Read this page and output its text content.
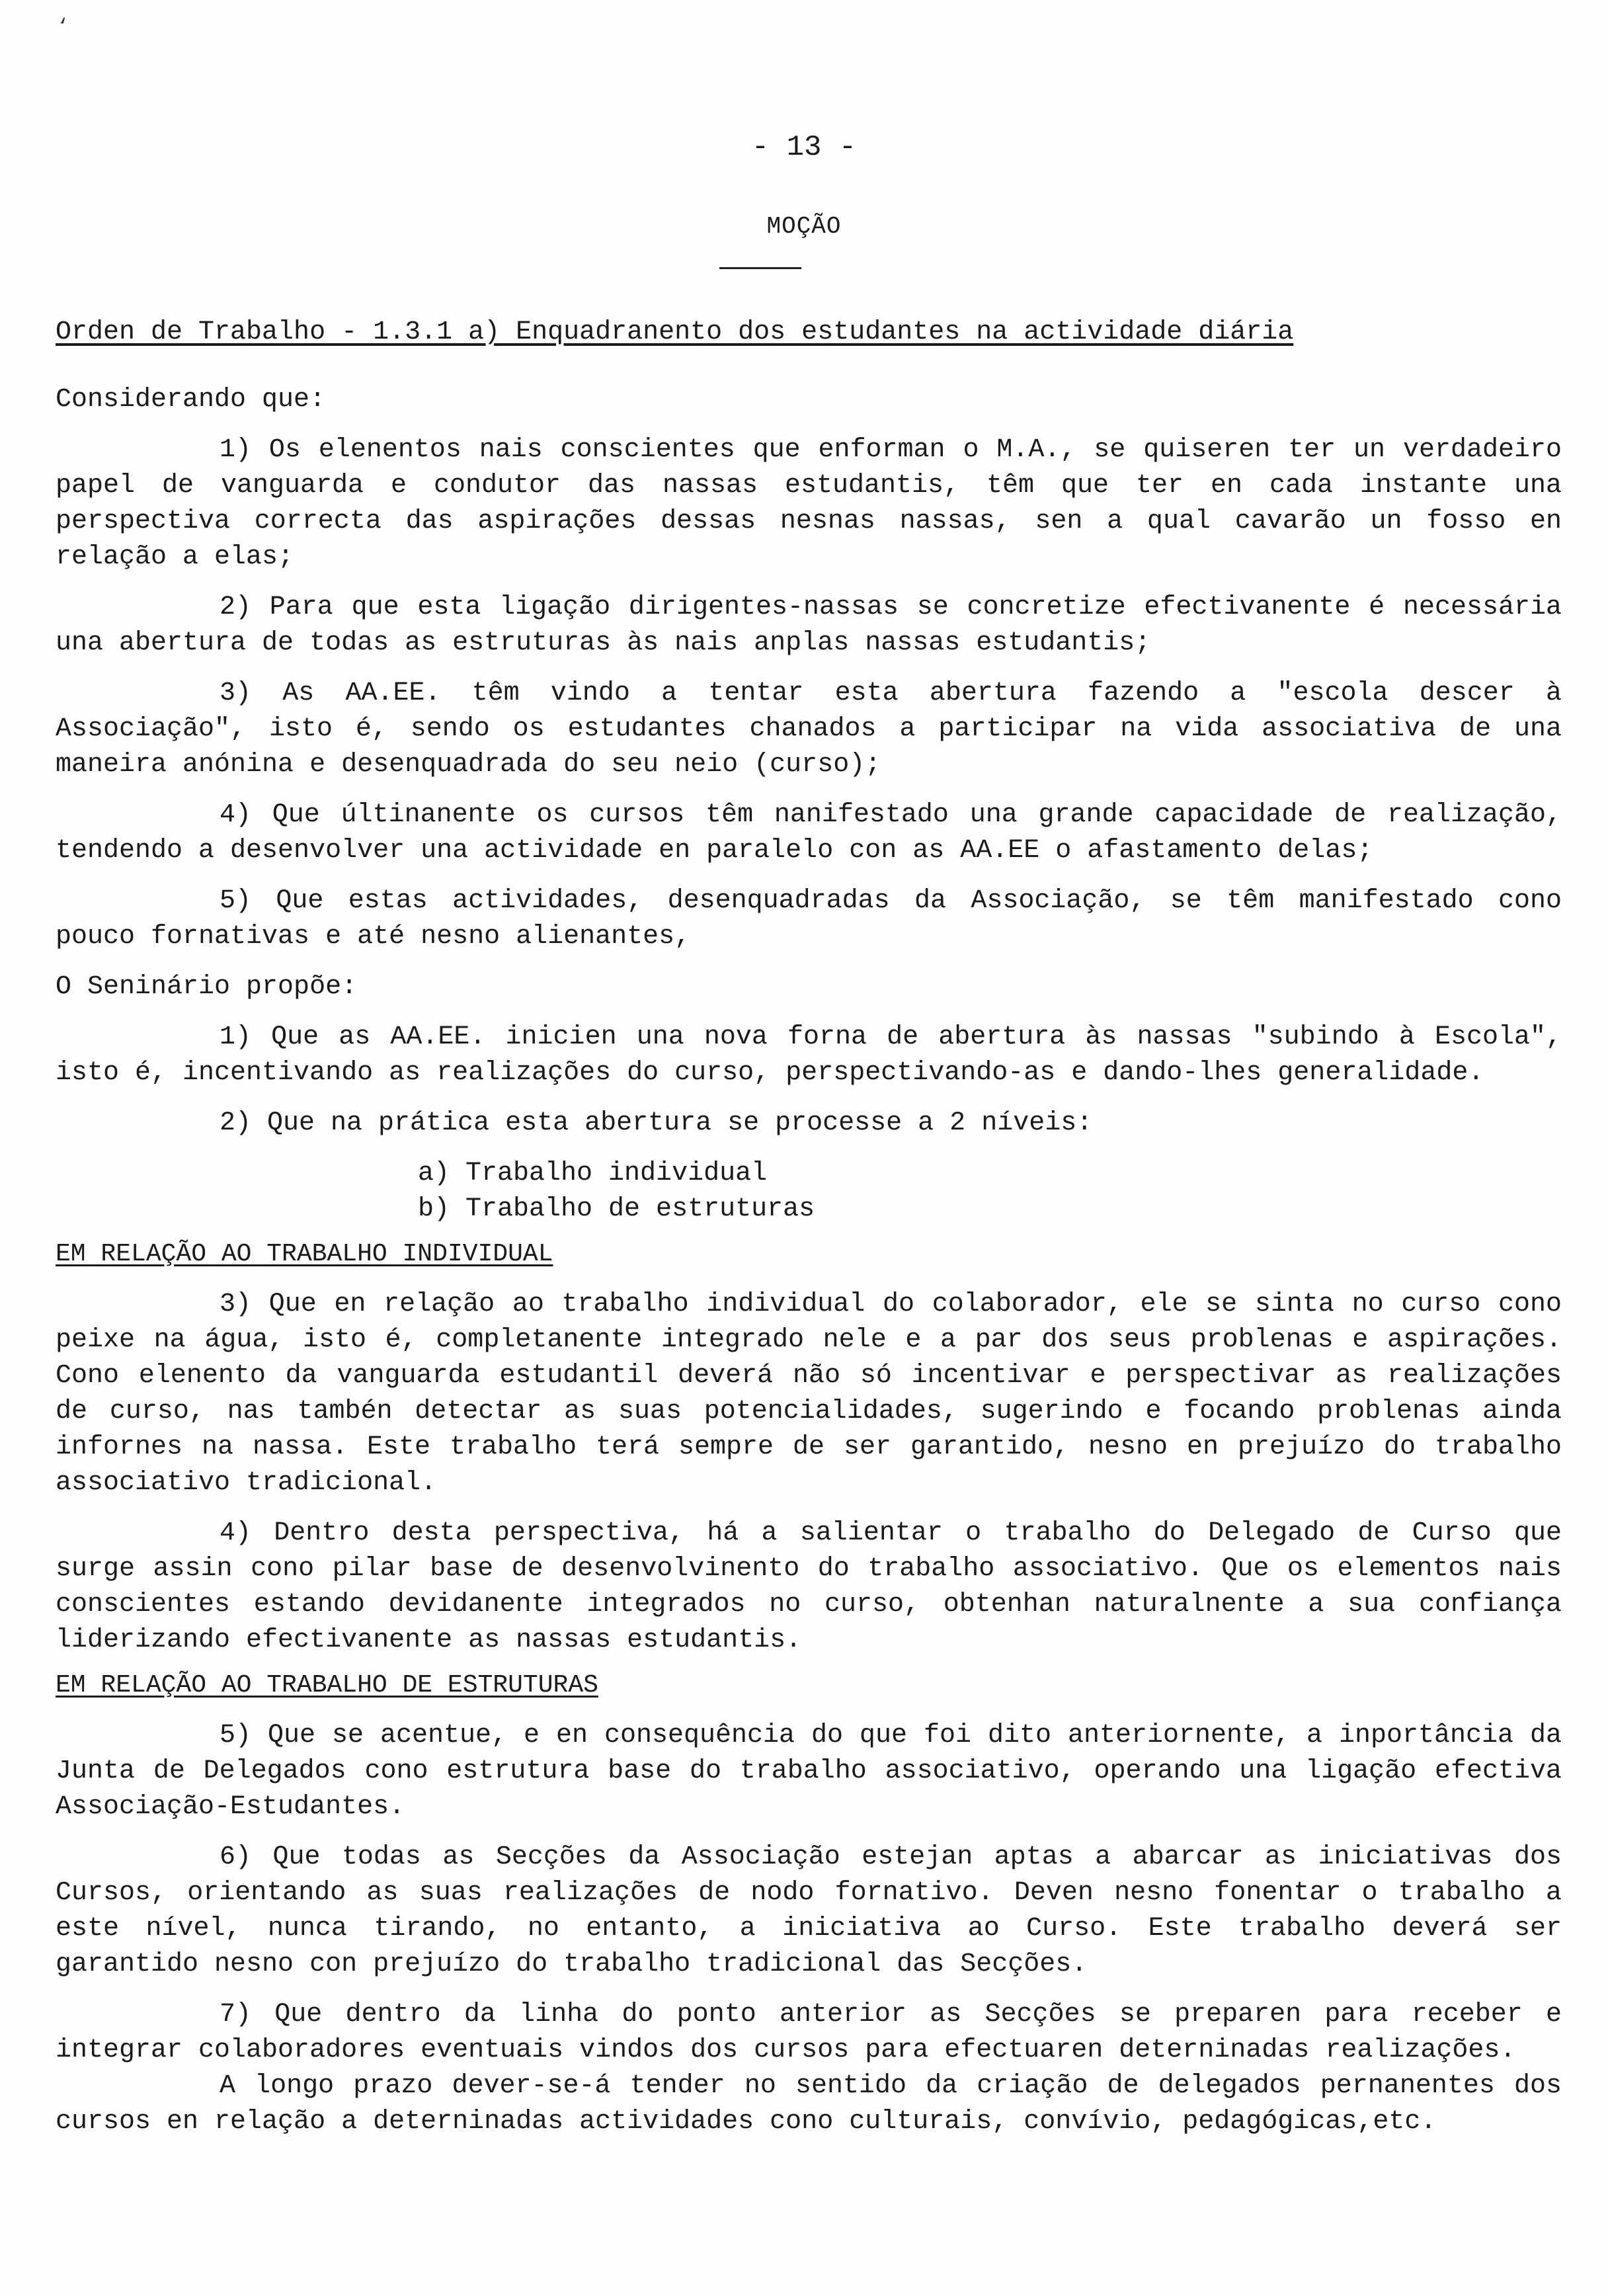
‘
- 13 -
MOÇÃO
Orden de Trabalho - 1.3.1 a) Enquadranento dos estudantes na actividade diária

Considerando que:

1) Os elenentos nais conscientes que enforman o M.A., se quiseren ter un verdadeiro papel de vanguarda e condutor das nassas estudantis, têm que ter en cada instante una perspectiva correcta das aspirações dessas nesnas nassas, sen a qual cavarão un fosso en relação a elas;

2) Para que esta ligação dirigentes-nassas se concretize efectivanente é necessária una abertura de todas as estruturas às nais anplas nassas estudantis;

3) As AA.EE. têm vindo a tentar esta abertura fazendo a "escola descer à Associação", isto é, sendo os estudantes chanados a participar na vida associativa de una maneira anónina e desenquadrada do seu neio (curso);

4) Que últinanente os cursos têm nanifestado una grande capacidade de realização, tendendo a desenvolver una actividade en paralelo con as AA.EE o afastamento delas;

5) Que estas actividades, desenquadradas da Associação, se têm manifestado cono pouco fornativas e até nesno alienantes,

O Seninário propõe:

1) Que as AA.EE. inicien una nova forna de abertura às nassas "subindo à Escola", isto é, incentivando as realizações do curso, perspectivando-as e dando-lhes generalidade.

2) Que na prática esta abertura se processe a 2 níveis:

a) Trabalho individual

b) Trabalho de estruturas

EM RELAÇÃO AO TRABALHO INDIVIDUAL

3) Que en relação ao trabalho individual do colaborador, ele se sinta no curso cono peixe na água, isto é, completanente integrado nele e a par dos seus problenas e aspirações. Cono elenento da vanguarda estudantil deverá não só incentivar e perspectivar as realizações de curso, nas tambén detectar as suas potencialidades, sugerindo e focando problenas ainda infornes na nassa. Este trabalho terá sempre de ser garantido, nesno en prejuízo do trabalho associativo tradicional.

4) Dentro desta perspectiva, há a salientar o trabalho do Delegado de Curso que surge assin cono pilar base de desenvolvinento do trabalho associativo. Que os elementos nais conscientes estando devidanente integrados no curso, obtenhan naturalnente a sua confiança liderizando efectivanente as nassas estudantis.

EM RELAÇÃO AO TRABALHO DE ESTRUTURAS

5) Que se acentue, e en consequência do que foi dito anteriornente, a inportância da Junta de Delegados cono estrutura base do trabalho associativo, operando una ligação efectiva Associação-Estudantes.

6) Que todas as Secções da Associação estejan aptas a abarcar as iniciativas dos Cursos, orientando as suas realizações de nodo fornativo. Deven nesno fonentar o trabalho a este nível, nunca tirando, no entanto, a iniciativa ao Curso. Este trabalho deverá ser garantido nesno con prejuízo do trabalho tradicional das Secções.

7) Que dentro da linha do ponto anterior as Secções se preparen para receber e integrar colaboradores eventuais vindos dos cursos para efectuaren deterninadas realizações.

A longo prazo dever-se-á tender no sentido da criação de delegados pernanentes dos cursos en relação a deterninadas actividades cono culturais, convívio, pedagógicas,etc.
